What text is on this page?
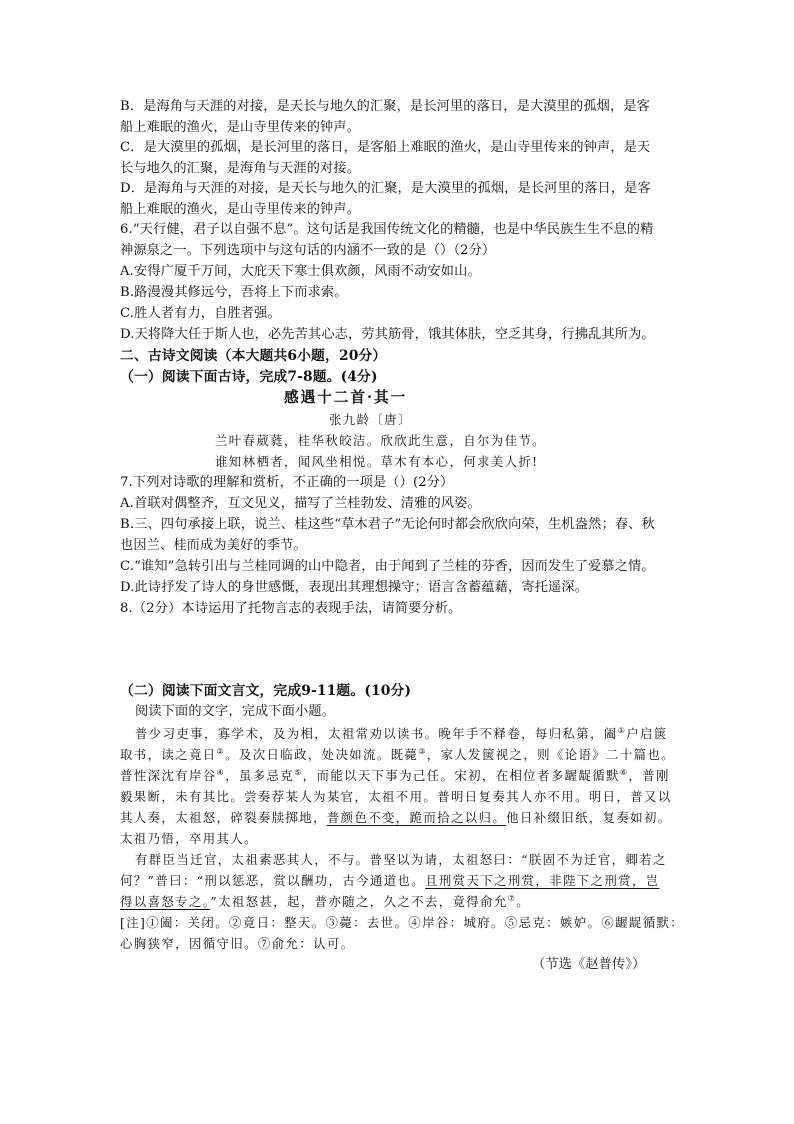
B．是海角与天涯的对接，是天长与地久的汇聚，是长河里的落日，是大漠里的孤烟，是客
船上难眠的渔火，是山寺里传来的钟声。
C．是大漠里的孤烟，是长河里的落日，是客船上难眠的渔火，是山寺里传来的钟声，是天
长与地久的汇聚，是海角与天涯的对接。
D．是海角与天涯的对接，是天长与地久的汇聚，是大漠里的孤烟，是长河里的落日，是客
船上难眠的渔火，是山寺里传来的钟声。
6.“天行健，君子以自强不息”。这句话是我国传统文化的精髓，也是中华民族生生不息的精
神源泉之一。下列选项中与这句话的内涵不一致的是（）（2分）
A.安得广厦千万间，大庇天下寒士俱欢颜，风雨不动安如山。
B.路漫漫其修远兮，吾将上下而求索。
C.胜人者有力，自胜者强。
D.天将降大任于斯人也，必先苦其心志，劳其筋骨，饿其体肤，空乏其身，行拂乱其所为。
二、古诗文阅读（本大题共6小题，20分）
（一）阅读下面古诗，完成7-8题。(4分)
感遇十二首·其一
张九龄〔唐〕
兰叶春葳蕤，桂华秋皎洁。欣欣此生意，自尔为佳节。
谁知林栖者，闻风坐相悦。草木有本心，何求美人折!
7.下列对诗歌的理解和赏析，不正确的一项是（）(2分）
A.首联对偶整齐，互文见义，描写了兰桂勃发、清雅的风姿。
B.三、四句承接上联，说兰、桂这些“草木君子”无论何时都会欣欣向荣，生机盎然；春、秋
也因兰、桂而成为美好的季节。
C.“谁知”急转引出与兰桂同调的山中隐者，由于闻到了兰桂的芬香，因而发生了爱慕之情。
D.此诗抒发了诗人的身世感慨，表现出其理想操守；语言含蓄蕴藉，寄托遥深。
8.（2分）本诗运用了托物言志的表现手法，请简要分析。
（二）阅读下面文言文，完成9-11题。(10分)
阅读下面的文字，完成下面小题。
普少习吏事，寡学术，及为相，太祖常劝以读书。晚年手不释卷，每归私第，阖①户启箧
取书，读之竟日②。及次日临政，处决如流。既薨③，家人发箧视之，则《论语》二十篇也。
普性深沈有岸谷④，虽多忌克⑤，而能以天下事为己任。宋初，在相位者多龌龊循默⑥，普刚
毅果断，未有其比。尝奏荐某人为某官，太祖不用。普明日复奏其人亦不用。明日，普又以
其人奏，太祖怒，碎裂奏牍掷地，普颜色不变，跪而拾之以归。他日补缀旧纸，复奏如初。
太祖乃悟，卒用其人。
有群臣当迁官，太祖素恶其人，不与。普坚以为请，太祖怒曰：“朕固不为迁官，卿若之
何？”普曰：“刑以惩恶，赏以酬功，古今通道也。且刑赏天下之刑赏，非陛下之刑赏，岂
得以喜怒专之。”太祖怒甚，起，普亦随之，久之不去，竟得俞允⑦。
[注]①阖：关闭。②竟日：整天。③薨：去世。④岸谷：城府。⑤忌克：嫉妒。⑥龌龊循默：
心胸狭窄，因循守旧。⑦俞允：认可。
（节选《赵普传》）
